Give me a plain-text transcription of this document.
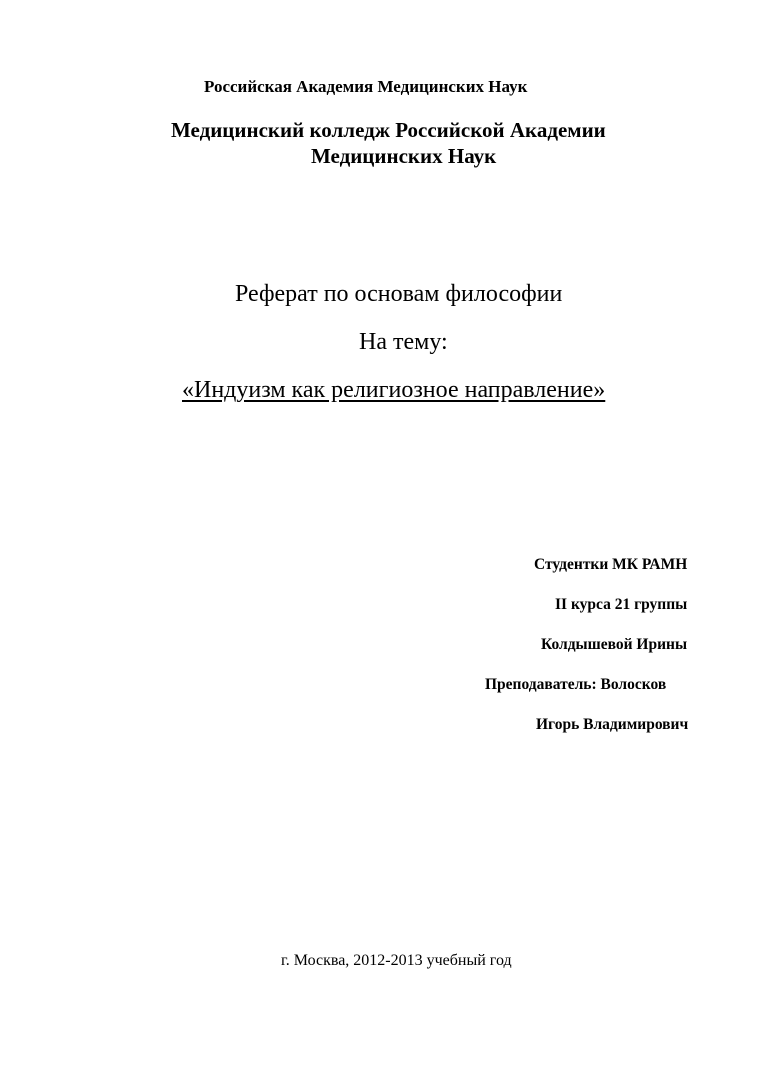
Российская Академия Медицинских Наук
Медицинский колледж Российской Академии
Медицинских Наук
Реферат по основам философии
На тему:
«Индуизм как религиозное направление»
Студентки МК РАМН
II курса 21 группы
Колдышевой Ирины
Преподаватель: Волосков
Игорь Владимирович
г. Москва, 2012-2013 учебный год
